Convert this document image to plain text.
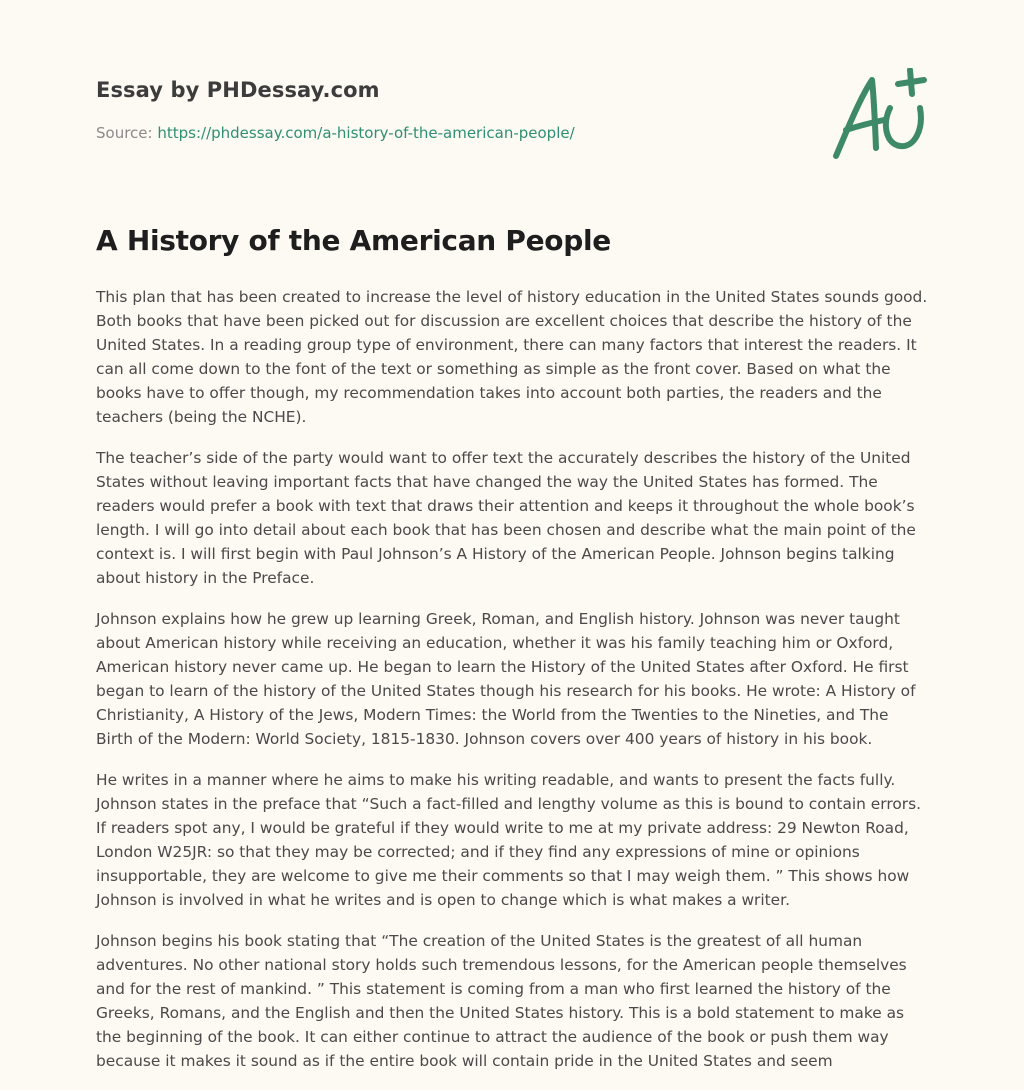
Essay by PHDessay.com
Source: https://phdessay.com/a-history-of-the-american-people/
A History of the American People

This plan that has been created to increase the level of history education in the United States sounds good. Both books that have been picked out for discussion are excellent choices that describe the history of the United States. In a reading group type of environment, there can many factors that interest the readers. It can all come down to the font of the text or something as simple as the front cover. Based on what the books have to offer though, my recommendation takes into account both parties, the readers and the teachers (being the NCHE).

The teacher’s side of the party would want to offer text the accurately describes the history of the United States without leaving important facts that have changed the way the United States has formed. The readers would prefer a book with text that draws their attention and keeps it throughout the whole book’s length. I will go into detail about each book that has been chosen and describe what the main point of the context is. I will first begin with Paul Johnson’s A History of the American People. Johnson begins talking about history in the Preface.

Johnson explains how he grew up learning Greek, Roman, and English history. Johnson was never taught about American history while receiving an education, whether it was his family teaching him or Oxford, American history never came up. He began to learn the History of the United States after Oxford. He first began to learn of the history of the United States though his research for his books. He wrote: A History of Christianity, A History of the Jews, Modern Times: the World from the Twenties to the Nineties, and The Birth of the Modern: World Society, 1815-1830. Johnson covers over 400 years of history in his book.

He writes in a manner where he aims to make his writing readable, and wants to present the facts fully. Johnson states in the preface that “Such a fact-filled and lengthy volume as this is bound to contain errors. If readers spot any, I would be grateful if they would write to me at my private address: 29 Newton Road, London W25JR: so that they may be corrected; and if they find any expressions of mine or opinions insupportable, they are welcome to give me their comments so that I may weigh them. ” This shows how Johnson is involved in what he writes and is open to change which is what makes a writer.

Johnson begins his book stating that “The creation of the United States is the greatest of all human adventures. No other national story holds such tremendous lessons, for the American people themselves and for the rest of mankind. ” This statement is coming from a man who first learned the history of the Greeks, Romans, and the English and then the United States history. This is a bold statement to make as the beginning of the book. It can either continue to attract the audience of the book or push them way because it makes it sound as if the entire book will contain pride in the United States and seem
